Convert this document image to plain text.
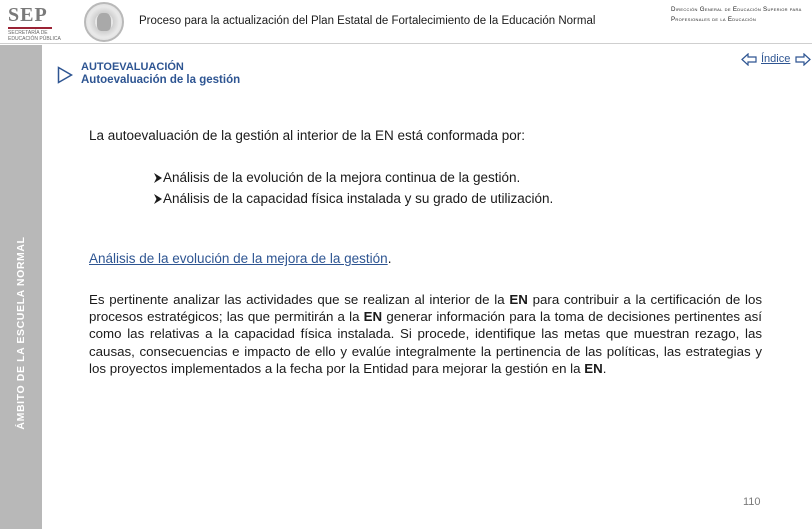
SEP
SECRETARÍA DE EDUCACIÓN PÚBLICA
Proceso para la actualización del Plan Estatal de Fortalecimiento de la Educación Normal
Dirección General de Educación Superior para Profesionales de la Educación
ÁMBITO DE LA ESCUELA NORMAL
AUTOEVALUACIÓN
Autoevaluación de la gestión
Índice

La autoevaluación de la gestión al interior de la EN está conformada por:

Análisis de la evolución de la mejora continua de la gestión.
Análisis de la capacidad física instalada y su grado de utilización.

Análisis de la evolución de la mejora de la gestión.

Es pertinente analizar las actividades que se realizan al interior de la EN para contribuir a la certificación de los procesos estratégicos; las que permitirán a la EN generar información para la toma de decisiones pertinentes así como las relativas a la capacidad física instalada. Si procede, identifique las metas que muestran rezago, las causas, consecuencias e impacto de ello y evalúe integralmente la pertinencia de las políticas, las estrategias y los proyectos implementados a la fecha por la Entidad para mejorar la gestión en la EN.

110
